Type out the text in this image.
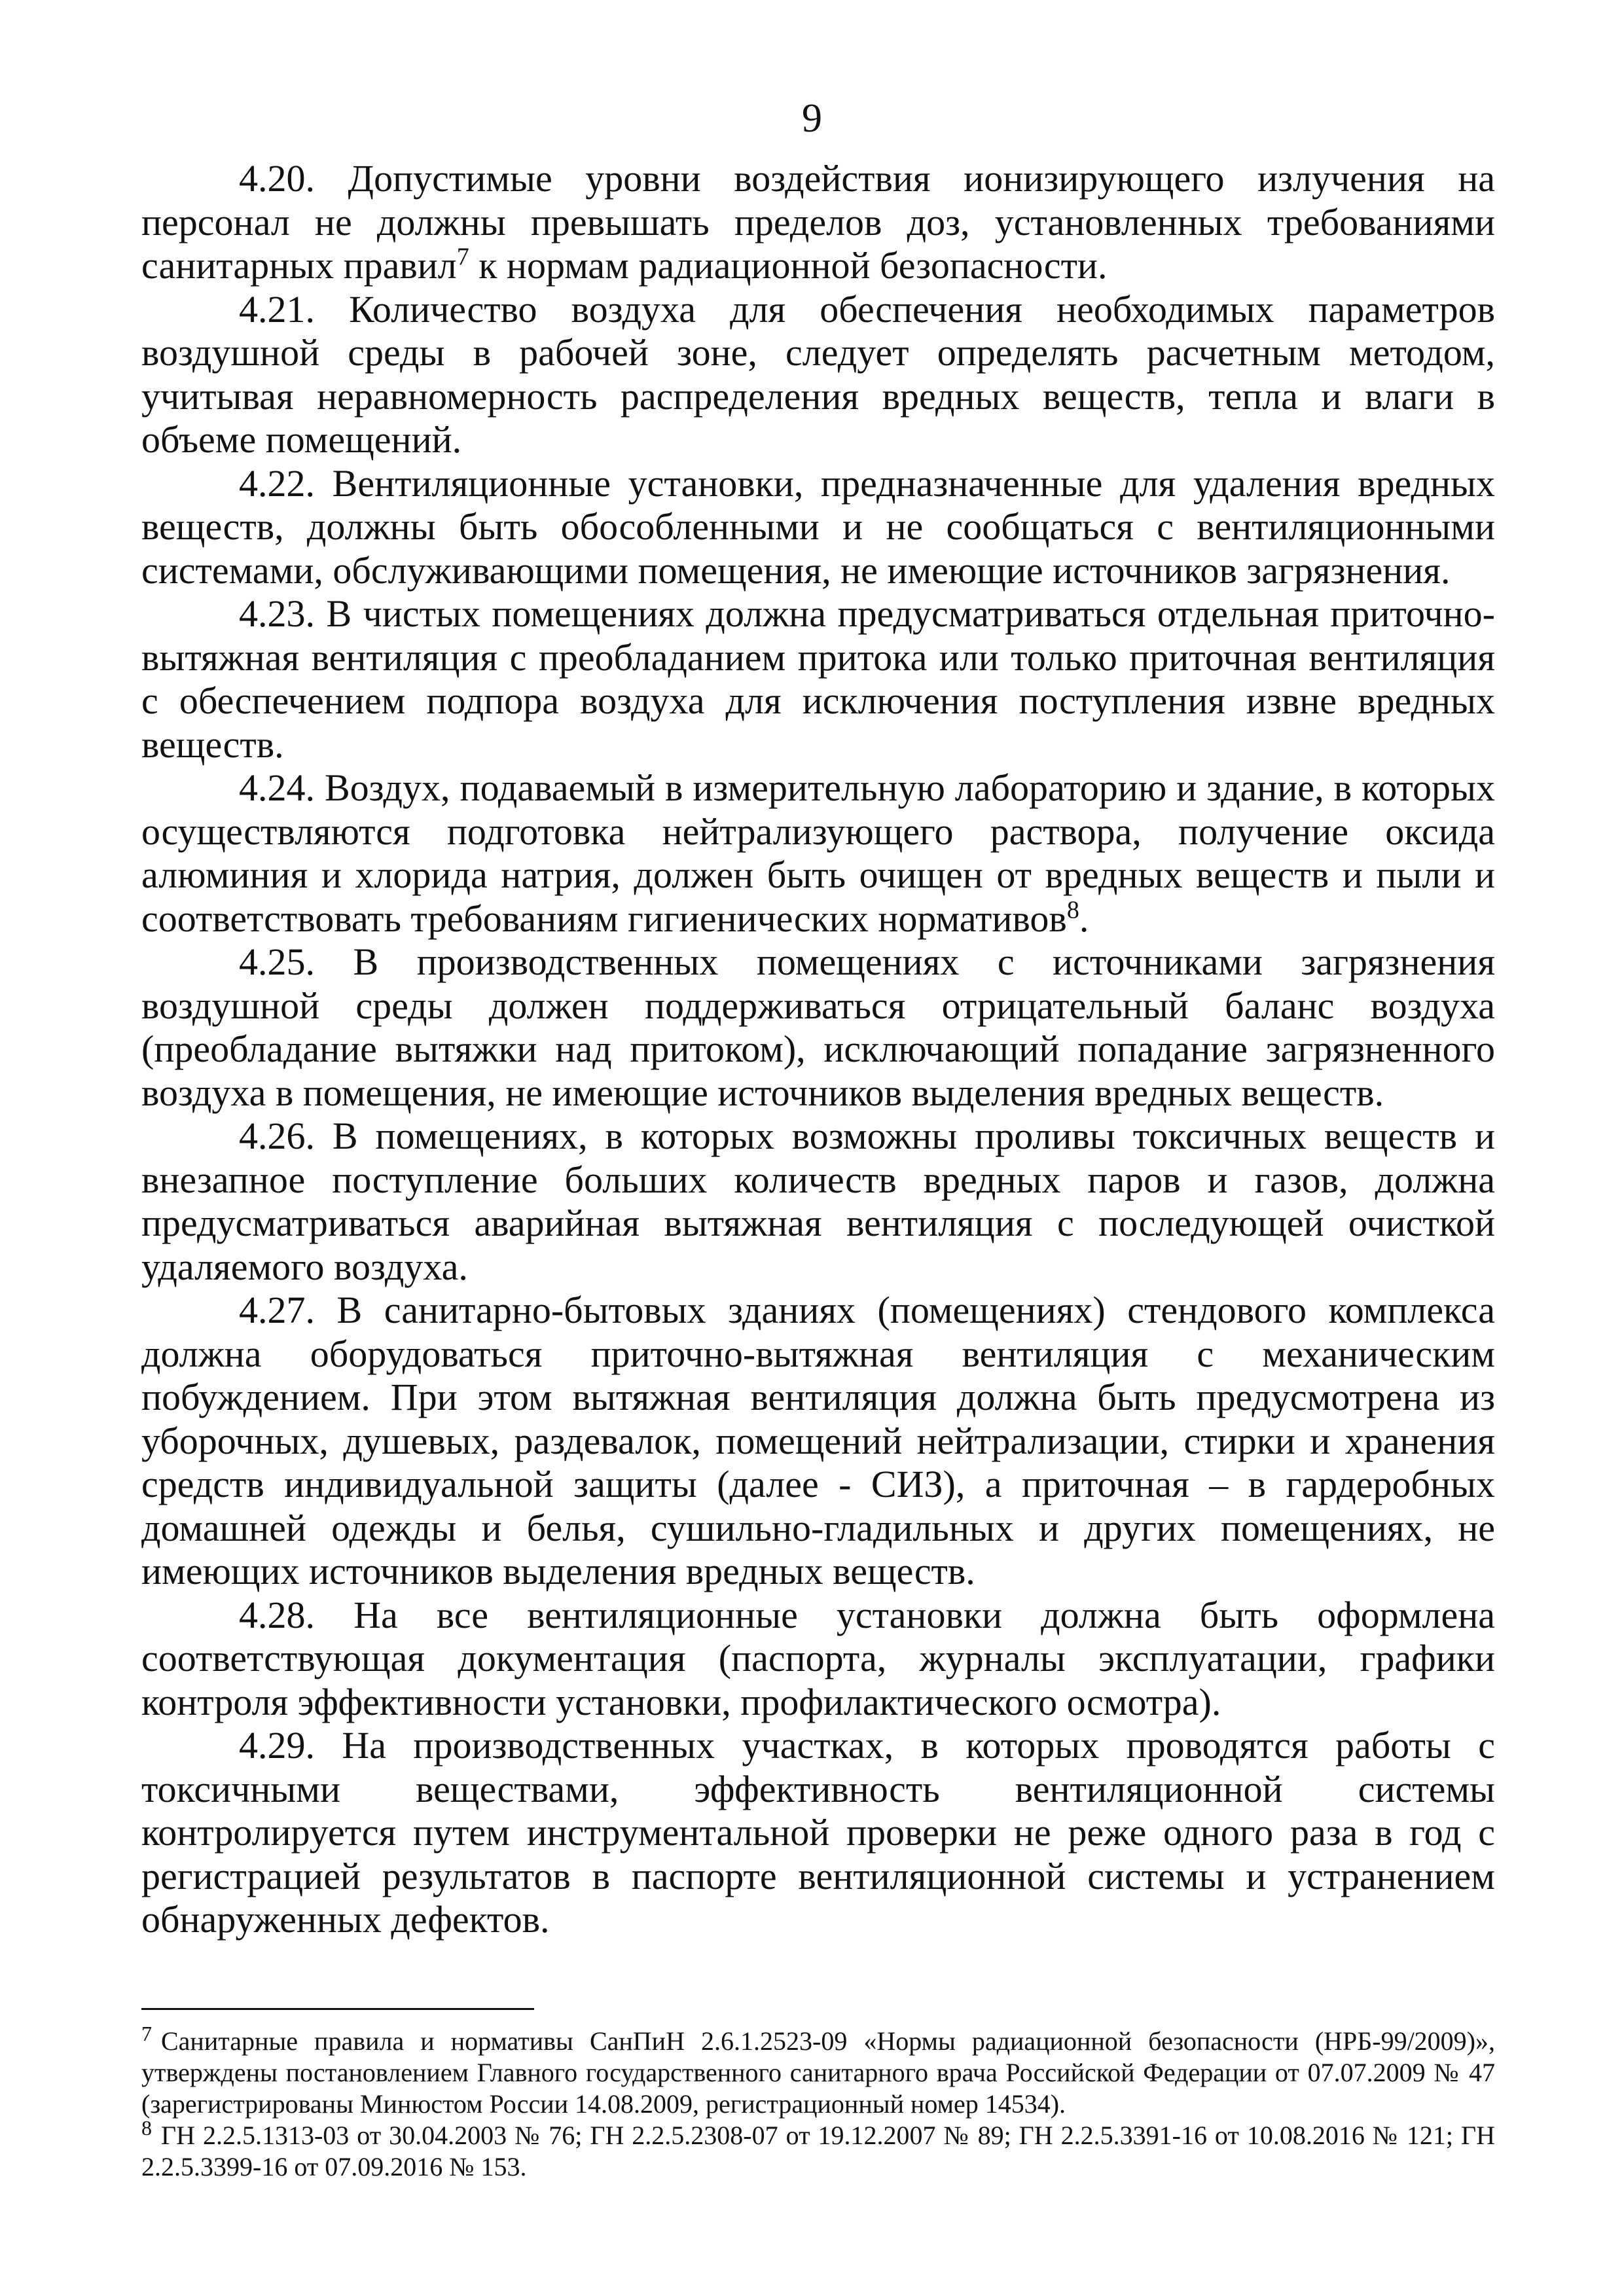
9

4.20. Допустимые уровни воздействия ионизирующего излучения на персонал не должны превышать пределов доз, установленных требованиями санитарных правил$^7$ к нормам радиационной безопасности.

4.21. Количество воздуха для обеспечения необходимых параметров воздушной среды в рабочей зоне, следует определять расчетным методом, учитывая неравномерность распределения вредных веществ, тепла и влаги в объеме помещений.

4.22. Вентиляционные установки, предназначенные для удаления вредных веществ, должны быть обособленными и не сообщаться с вентиляционными системами, обслуживающими помещения, не имеющие источников загрязнения.

4.23. В чистых помещениях должна предусматриваться отдельная приточно-вытяжная вентиляция с преобладанием притока или только приточная вентиляция с обеспечением подпора воздуха для исключения поступления извне вредных веществ.

4.24. Воздух, подаваемый в измерительную лабораторию и здание, в которых осуществляются подготовка нейтрализующего раствора, получение оксида алюминия и хлорида натрия, должен быть очищен от вредных веществ и пыли и соответствовать требованиям гигиенических нормативов$^8$.

4.25. В производственных помещениях с источниками загрязнения воздушной среды должен поддерживаться отрицательный баланс воздуха (преобладание вытяжки над притоком), исключающий попадание загрязненного воздуха в помещения, не имеющие источников выделения вредных веществ.

4.26. В помещениях, в которых возможны проливы токсичных веществ и внезапное поступление больших количеств вредных паров и газов, должна предусматриваться аварийная вытяжная вентиляция с последующей очисткой удаляемого воздуха.

4.27. В санитарно-бытовых зданиях (помещениях) стендового комплекса должна оборудоваться приточно-вытяжная вентиляция с механическим побуждением. При этом вытяжная вентиляция должна быть предусмотрена из уборочных, душевых, раздевалок, помещений нейтрализации, стирки и хранения средств индивидуальной защиты (далее - СИЗ), а приточная – в гардеробных домашней одежды и белья, сушильно-гладильных и других помещениях, не имеющих источников выделения вредных веществ.

4.28. На все вентиляционные установки должна быть оформлена соответствующая документация (паспорта, журналы эксплуатации, графики контроля эффективности установки, профилактического осмотра).

4.29. На производственных участках, в которых проводятся работы с токсичными веществами, эффективность вентиляционной системы контролируется путем инструментальной проверки не реже одного раза в год с регистрацией результатов в паспорте вентиляционной системы и устранением обнаруженных дефектов.

$^7$ Санитарные правила и нормативы СанПиН 2.6.1.2523-09 «Нормы радиационной безопасности (НРБ-99/2009)», утверждены постановлением Главного государственного санитарного врача Российской Федерации от 07.07.2009 № 47 (зарегистрированы Минюстом России 14.08.2009, регистрационный номер 14534).

$^8$ ГН 2.2.5.1313-03 от 30.04.2003 № 76; ГН 2.2.5.2308-07 от 19.12.2007 № 89; ГН 2.2.5.3391-16 от 10.08.2016 № 121; ГН 2.2.5.3399-16 от 07.09.2016 № 153.
